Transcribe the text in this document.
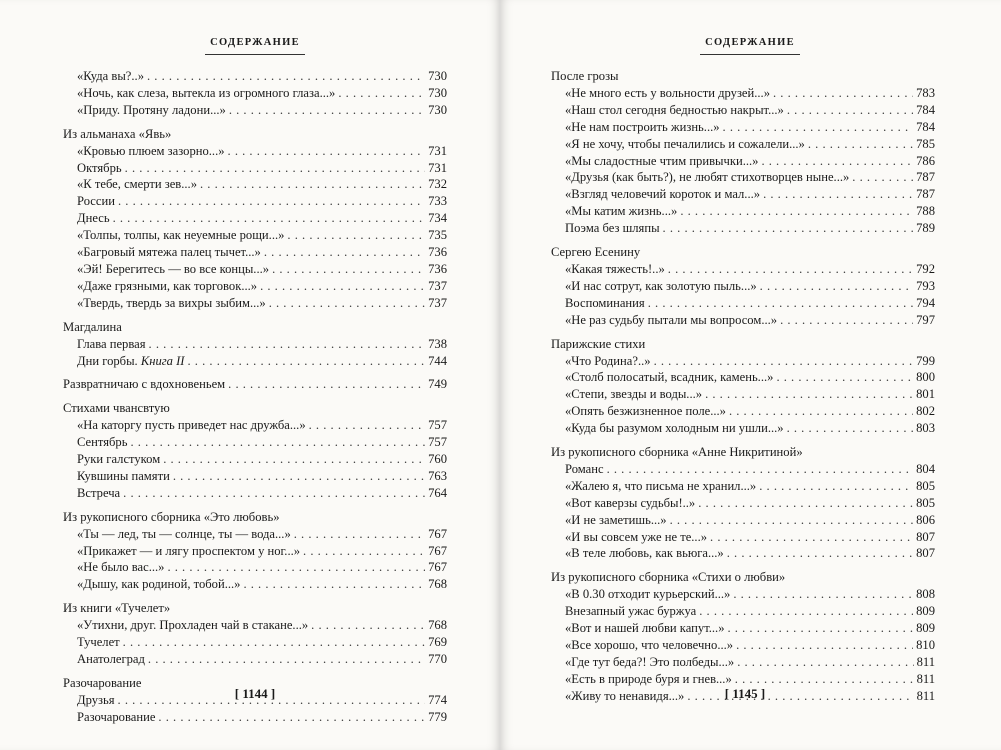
СОДЕРЖАНИЕ
«Куда вы?..» . . .	730
«Ночь, как слеза, вытекла из огромного глаза...» . . .	730
«Приду. Протяну ладони...» . . .	730
Из альманаха «Явь»
«Кровью плюем зазорно...» . . .	731
Октябрь . . .	731
«К тебе, смерти зев...» . . .	732
России . . .	733
Днесь . . .	734
«Толпы, толпы, как неуемные рощи...» . . .	735
«Багровый мятежа палец тычет...» . . .	736
«Эй! Берегитесь — во все концы...» . . .	736
«Даже грязными, как торговок...» . . .	737
«Твердь, твердь за вихры зыбим...» . . .	737
Магдалина
Глава первая . . .	738
Дни горбы. Книга II . . .	744
Развратничаю с вдохновеньем . . .	749
Стихами чвансвтую
«На каторгу пусть приведет нас дружба...» . . .	757
Сентябрь . . .	757
Руки галстуком . . .	760
Кувшины памяти . . .	763
Встреча . . .	764
Из рукописного сборника «Это любовь»
«Ты — лед, ты — солнце, ты — вода...» . . .	767
«Прикажет — и лягу проспектом у ног...» . . .	767
«Не было вас...» . . .	767
«Дышу, как родиной, тобой...» . . .	768
Из книги «Тучелет»
«Утихни, друг. Прохладен чай в стакане...» . . .	768
Тучелет . . .	769
Анатолеград . . .	770
Разочарование
Друзья . . .	774
Разочарование . . .	779
[ 1144 ]
СОДЕРЖАНИЕ
После грозы
«Не много есть у вольности друзей...» . . .	783
«Наш стол сегодня бедностью накрыт...» . . .	784
«Не нам построить жизнь...» . . .	784
«Я не хочу, чтобы печалились и сожалели...» . . .	785
«Мы сладостные чтим привычки...» . . .	786
«Друзья (как быть?), не любят стихотворцев ныне...» . . .	787
«Взгляд человечий короток и мал...» . . .	787
«Мы катим жизнь...» . . .	788
Поэма без шляпы . . .	789
Сергею Есенину
«Какая тяжесть!..» . . .	792
«И нас сотрут, как золотую пыль...» . . .	793
Воспоминания . . .	794
«Не раз судьбу пытали мы вопросом...» . . .	797
Парижские стихи
«Что Родина?..» . . .	799
«Столб полосатый, всадник, камень...» . . .	800
«Степи, звезды и воды...» . . .	801
«Опять безжизненное поле...» . . .	802
«Куда бы разумом холодным ни ушли...» . . .	803
Из рукописного сборника «Анне Никритиной»
Романс . . .	804
«Жалею я, что письма не хранил...» . . .	805
«Вот каверзы судьбы!..» . . .	805
«И не заметишь...» . . .	806
«И вы совсем уже не те...» . . .	807
«В теле любовь, как вьюга...» . . .	807
Из рукописного сборника «Стихи о любви»
«В 0.30 отходит курьерский...» . . .	808
Внезапный ужас буржуа . . .	809
«Вот и нашей любви капут...» . . .	809
«Все хорошо, что человечно...» . . .	810
«Где тут беда?! Это полбеды...» . . .	811
«Есть в природе буря и гнев...» . . .	811
«Живу то ненавидя...» . . .	811
[ 1145 ]
